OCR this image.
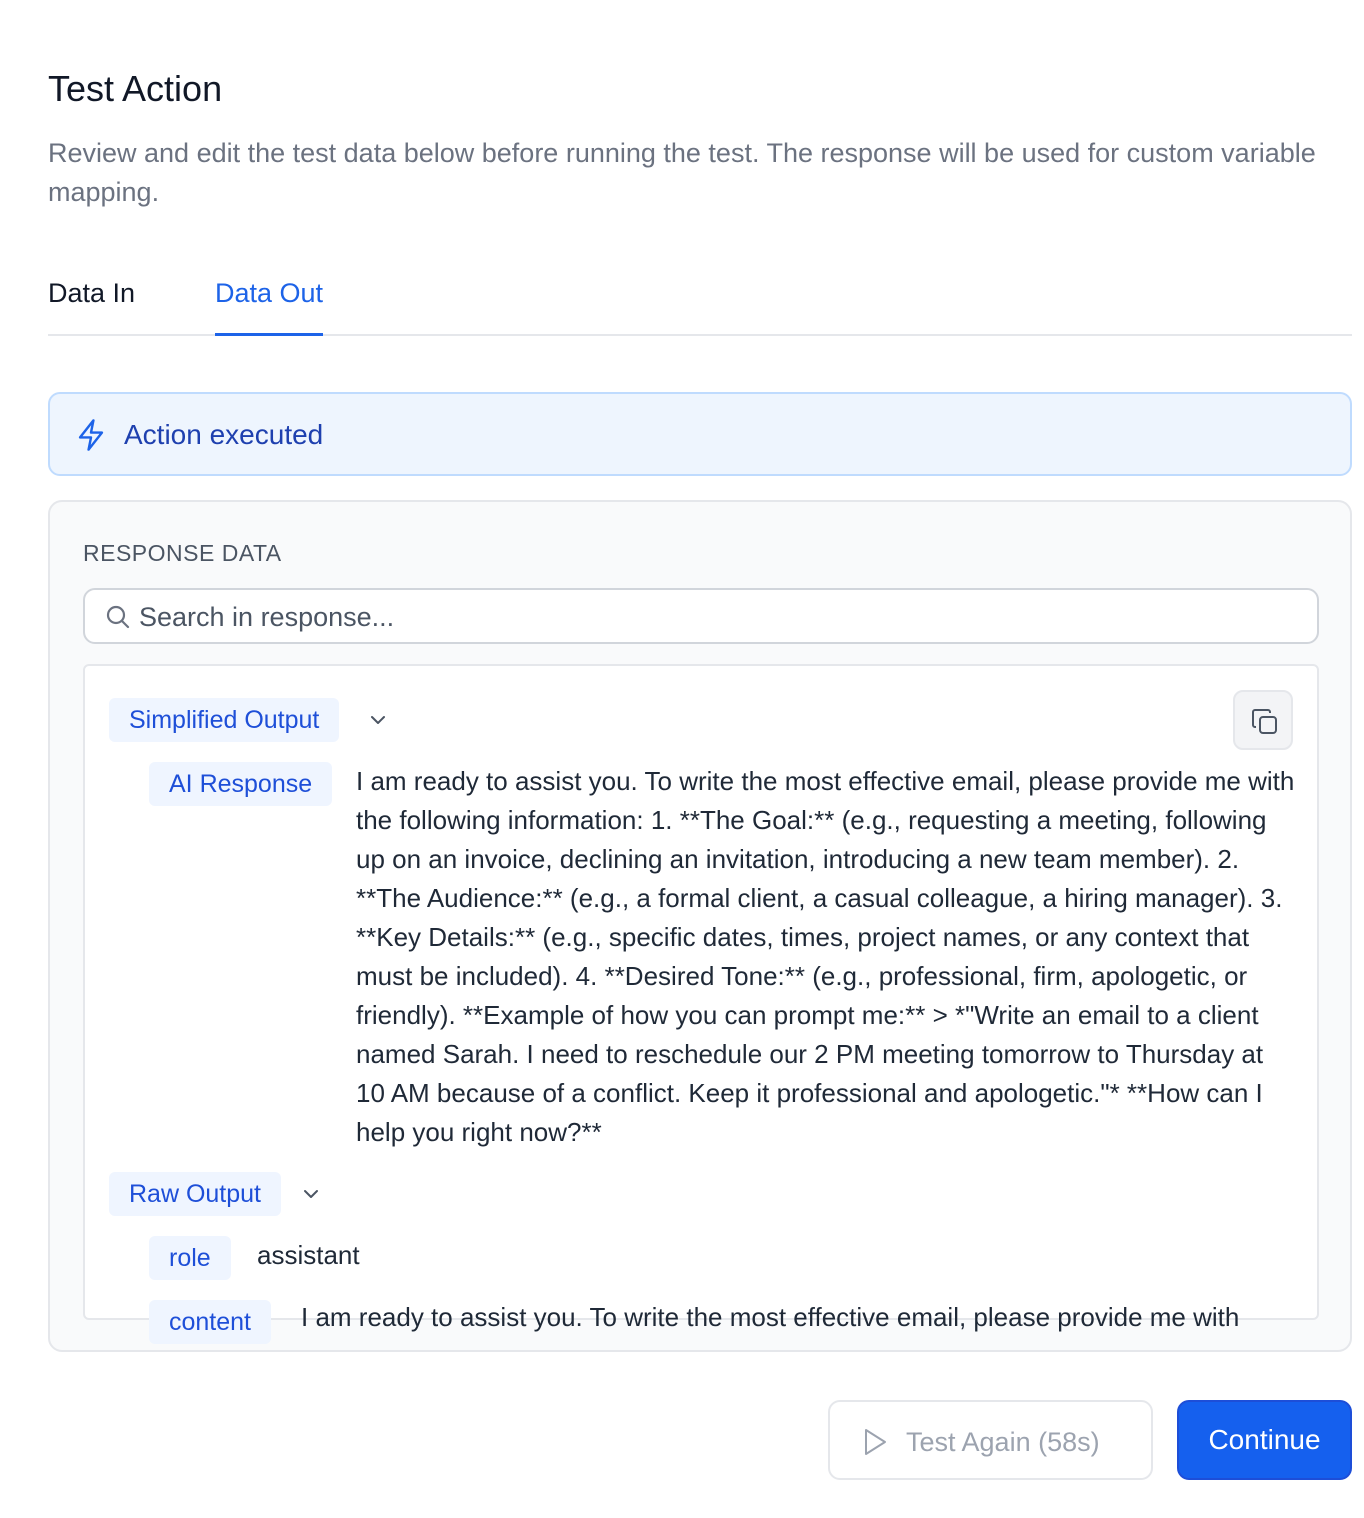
Test Action

Review and edit the test data below before running the test. The response will be used for custom variable mapping.

Data In	Data Out
Action executed
RESPONSE DATA
Search in response...
Simplified Output
AI Response	I am ready to assist you. To write the most effective email, please provide me with the following information: 1. **The Goal:** (e.g., requesting a meeting, following up on an invoice, declining an invitation, introducing a new team member). 2. **The Audience:** (e.g., a formal client, a casual colleague, a hiring manager). 3. **Key Details:** (e.g., specific dates, times, project names, or any context that must be included). 4. **Desired Tone:** (e.g., professional, firm, apologetic, or friendly). **Example of how you can prompt me:** > *"Write an email to a client named Sarah. I need to reschedule our 2 PM meeting tomorrow to Thursday at 10 AM because of a conflict. Keep it professional and apologetic."* **How can I help you right now?**
Raw Output
role	assistant
content	I am ready to assist you. To write the most effective email, please provide me with
Test Again (58s)	Continue
